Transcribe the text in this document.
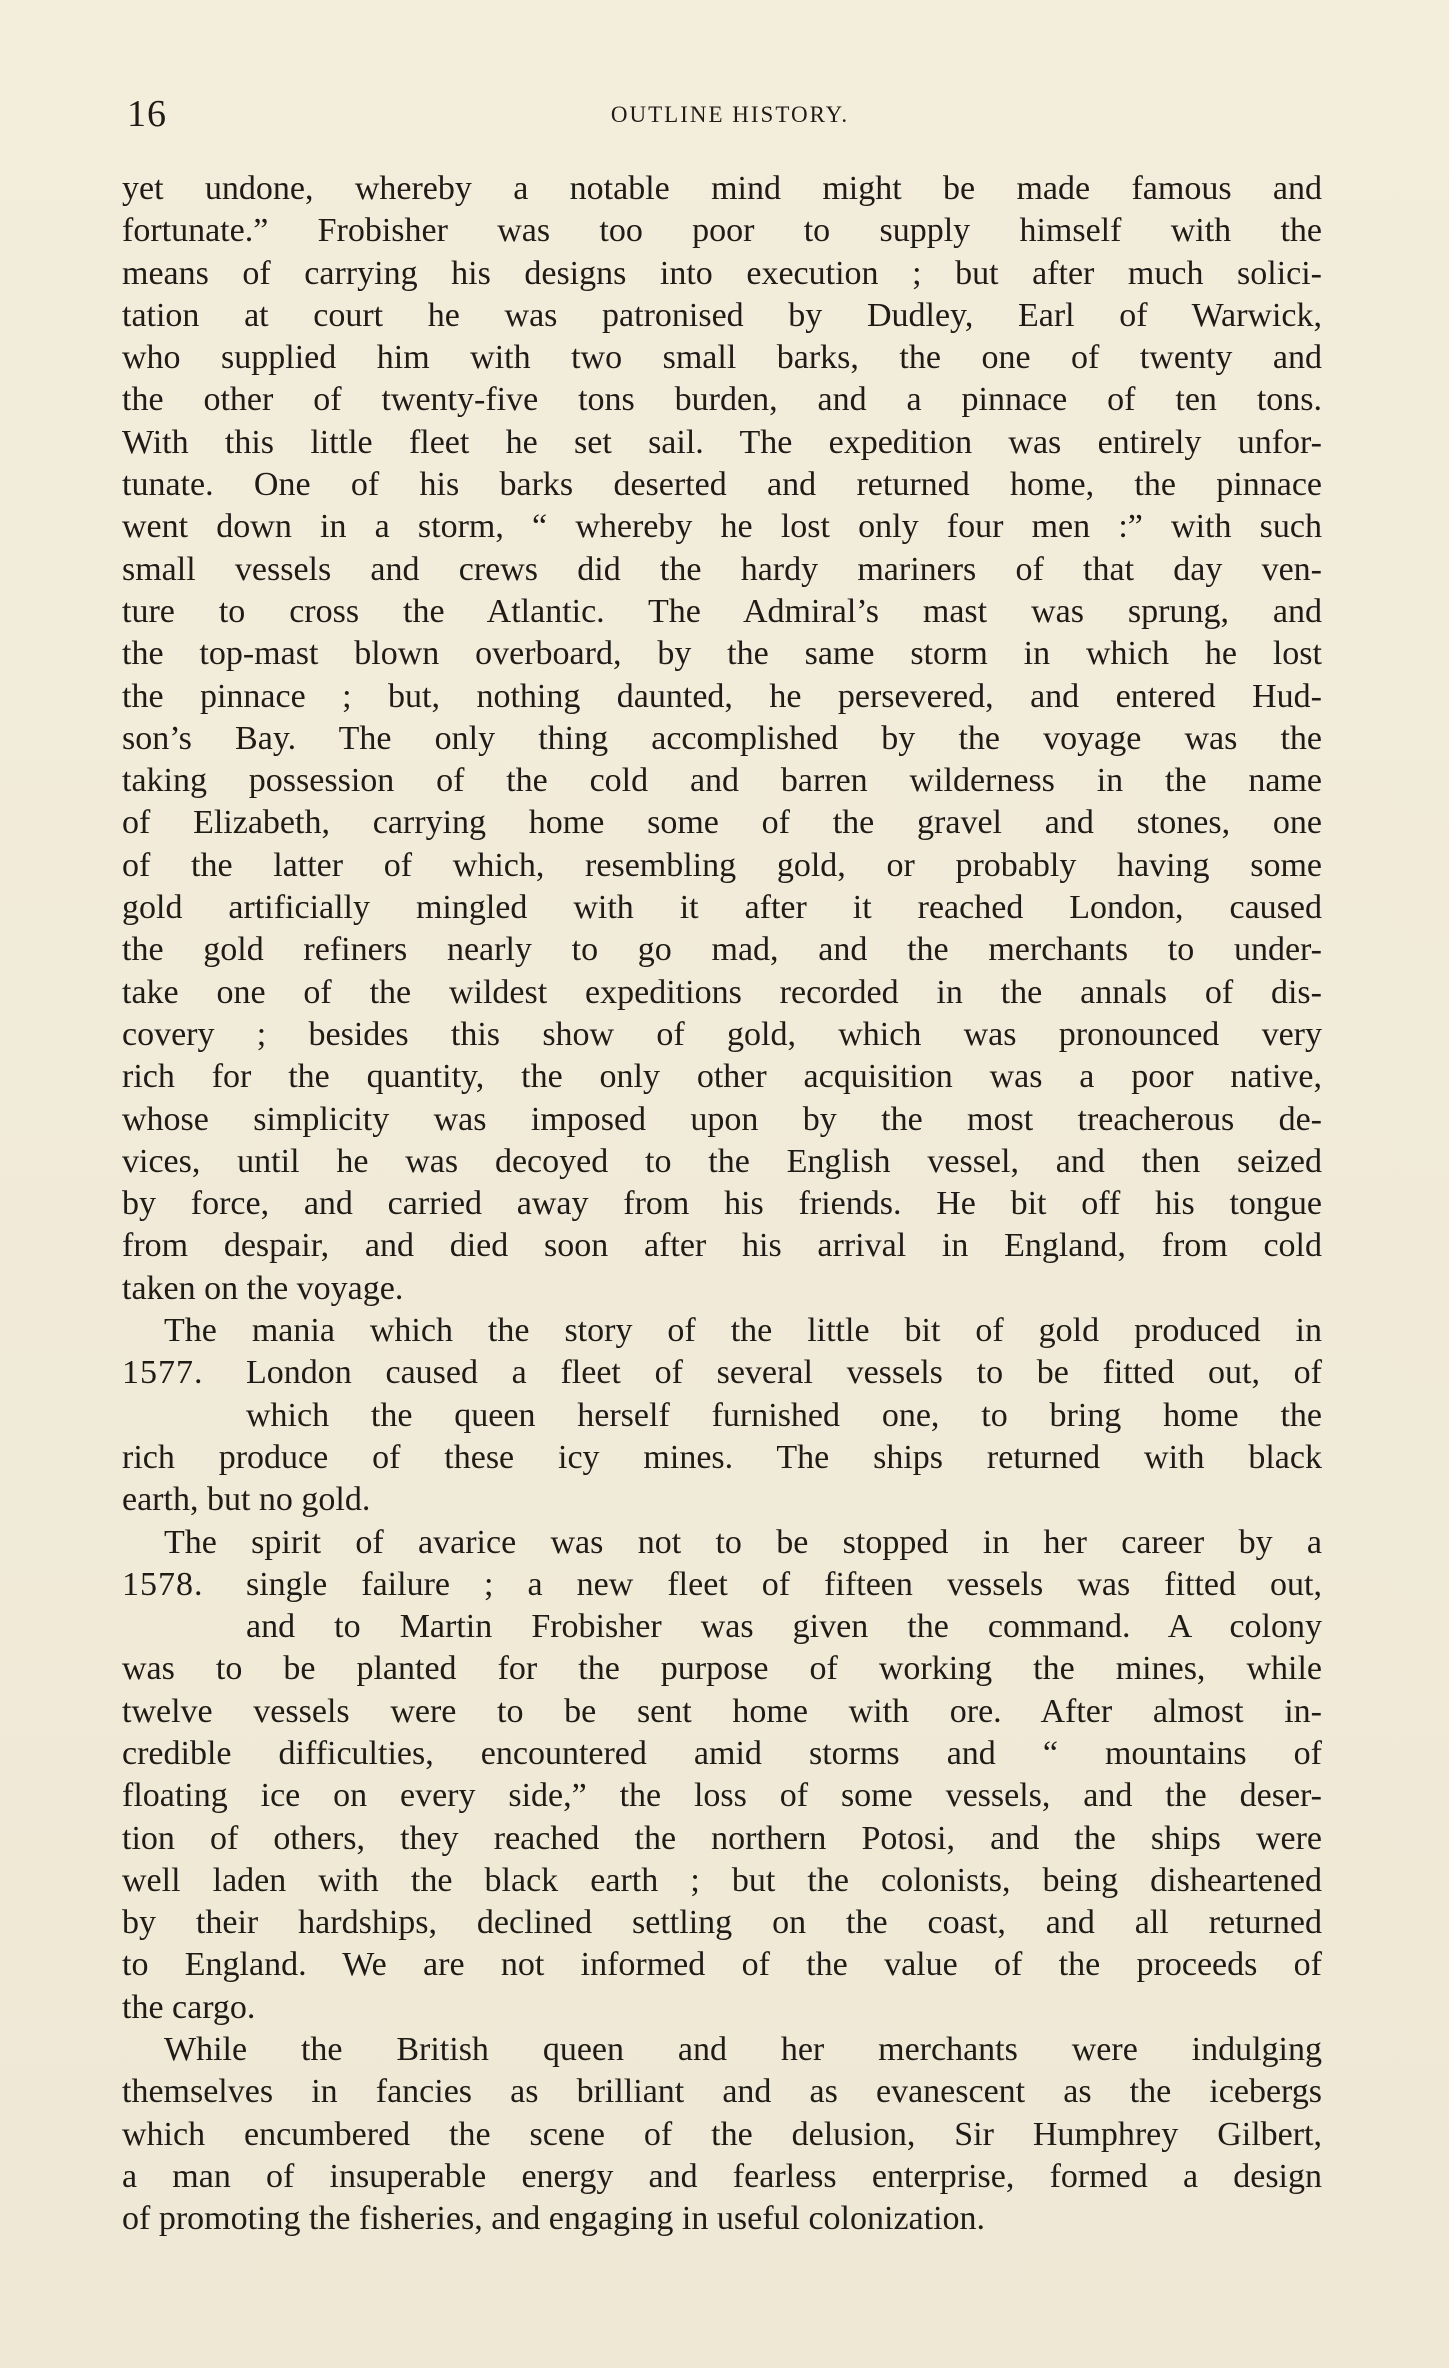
16	OUTLINE HISTORY.
yet undone, whereby a notable mind might be made famous and
fortunate.” Frobisher was too poor to supply himself with the
means of carrying his designs into execution ; but after much solici-
tation at court he was patronised by Dudley, Earl of Warwick,
who supplied him with two small barks, the one of twenty and
the other of twenty-five tons burden, and a pinnace of ten tons.
With this little fleet he set sail. The expedition was entirely unfor-
tunate. One of his barks deserted and returned home, the pinnace
went down in a storm, “ whereby he lost only four men :” with such
small vessels and crews did the hardy mariners of that day ven-
ture to cross the Atlantic. The Admiral’s mast was sprung, and
the top-mast blown overboard, by the same storm in which he lost
the pinnace ; but, nothing daunted, he persevered, and entered Hud-
son’s Bay. The only thing accomplished by the voyage was the
taking possession of the cold and barren wilderness in the name
of Elizabeth, carrying home some of the gravel and stones, one
of the latter of which, resembling gold, or probably having some
gold artificially mingled with it after it reached London, caused
the gold refiners nearly to go mad, and the merchants to under-
take one of the wildest expeditions recorded in the annals of dis-
covery ; besides this show of gold, which was pronounced very
rich for the quantity, the only other acquisition was a poor native,
whose simplicity was imposed upon by the most treacherous de-
vices, until he was decoyed to the English vessel, and then seized
by force, and carried away from his friends. He bit off his tongue
from despair, and died soon after his arrival in England, from cold
taken on the voyage.
The mania which the story of the little bit of gold produced in
1577. London caused a fleet of several vessels to be fitted out, of
which the queen herself furnished one, to bring home the
rich produce of these icy mines. The ships returned with black
earth, but no gold.
The spirit of avarice was not to be stopped in her career by a
1578. single failure ; a new fleet of fifteen vessels was fitted out,
and to Martin Frobisher was given the command. A colony
was to be planted for the purpose of working the mines, while
twelve vessels were to be sent home with ore. After almost in-
credible difficulties, encountered amid storms and “ mountains of
floating ice on every side,” the loss of some vessels, and the deser-
tion of others, they reached the northern Potosi, and the ships were
well laden with the black earth ; but the colonists, being disheartened
by their hardships, declined settling on the coast, and all returned
to England. We are not informed of the value of the proceeds of
the cargo.
While the British queen and her merchants were indulging
themselves in fancies as brilliant and as evanescent as the icebergs
which encumbered the scene of the delusion, Sir Humphrey Gilbert,
a man of insuperable energy and fearless enterprise, formed a design
of promoting the fisheries, and engaging in useful colonization.
